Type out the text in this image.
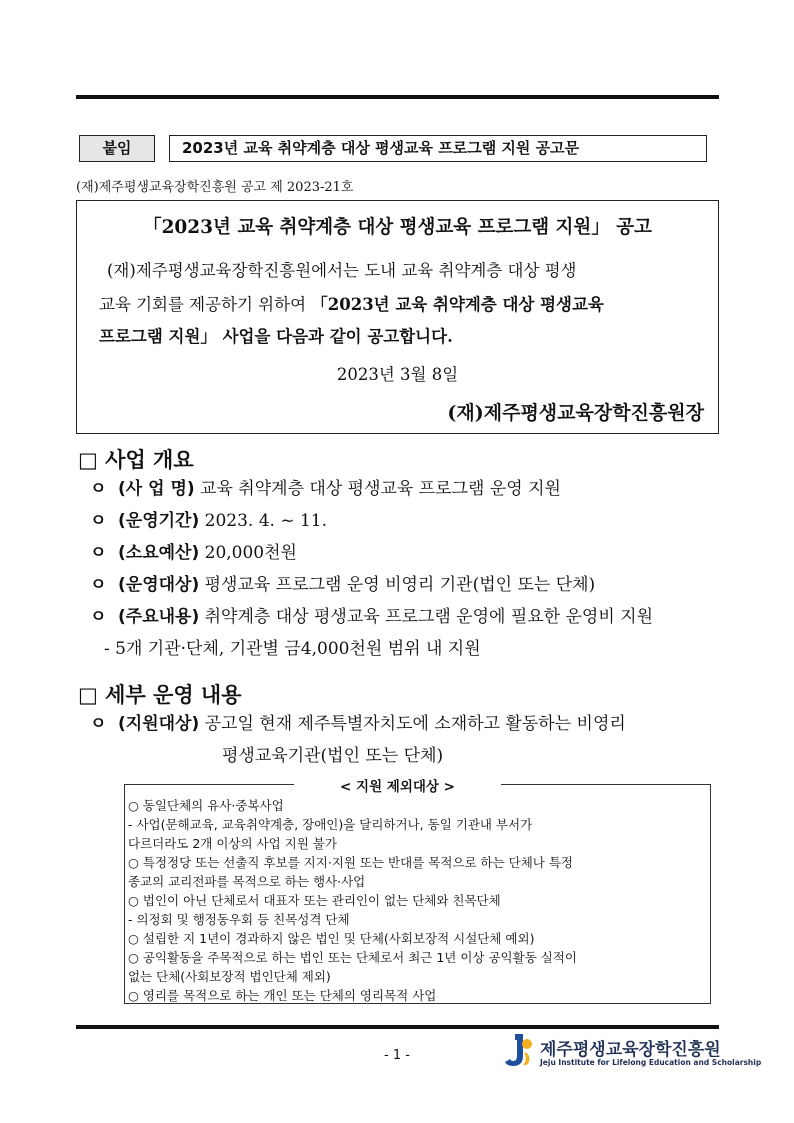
붙임	2023년 교육 취약계층 대상 평생교육 프로그램 지원 공고문
(재)제주평생교육장학진흥원 공고 제 2023-21호
「2023년 교육 취약계층 대상 평생교육 프로그램 지원」 공고
(재)제주평생교육장학진흥원에서는 도내 교육 취약계층 대상 평생
교육 기회를 제공하기 위하여 「2023년 교육 취약계층 대상 평생교육
프로그램 지원」 사업을 다음과 같이 공고합니다.
2023년 3월 8일
(재)제주평생교육장학진흥원장
□ 사업 개요
ㅇ (사 업 명) 교육 취약계층 대상 평생교육 프로그램 운영 지원
ㅇ (운영기간) 2023. 4. ~ 11.
ㅇ (소요예산) 20,000천원
ㅇ (운영대상) 평생교육 프로그램 운영 비영리 기관(법인 또는 단체)
ㅇ (주요내용) 취약계층 대상 평생교육 프로그램 운영에 필요한 운영비 지원
- 5개 기관·단체, 기관별 금4,000천원 범위 내 지원
□ 세부 운영 내용
ㅇ (지원대상) 공고일 현재 제주특별자치도에 소재하고 활동하는 비영리
평생교육기관(법인 또는 단체)
< 지원 제외대상 >
○ 동일단체의 유사·중복사업
- 사업(문해교육, 교육취약계층, 장애인)을 달리하거나, 동일 기관내 부서가
다르더라도 2개 이상의 사업 지원 불가
○ 특정정당 또는 선출직 후보를 지지·지원 또는 반대를 목적으로 하는 단체나 특정
종교의 교리전파를 목적으로 하는 행사·사업
○ 법인이 아닌 단체로서 대표자 또는 관리인이 없는 단체와 친목단체
- 의정회 및 행정동우회 등 친목성격 단체
○ 설립한 지 1년이 경과하지 않은 법인 및 단체(사회보장적 시설단체 예외)
○ 공익활동을 주목적으로 하는 법인 또는 단체로서 최근 1년 이상 공익활동 실적이
없는 단체(사회보장적 법인단체 제외)
○ 영리를 목적으로 하는 개인 또는 단체의 영리목적 사업
- 1 -	제주평생교육장학진흥원
Jeju Institute for Lifelong Education and Scholarship
